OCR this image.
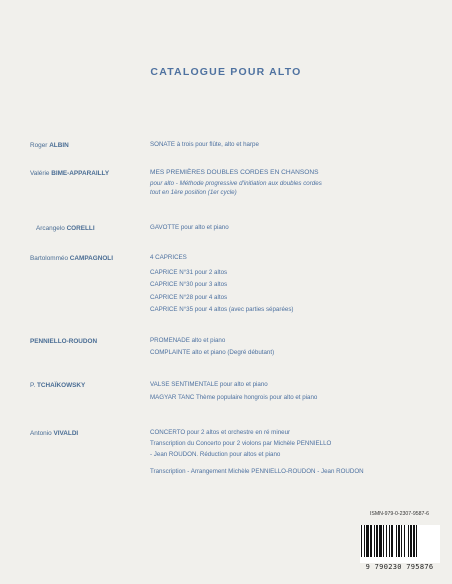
CATALOGUE POUR ALTO
Roger ALBIN	SONATE à trois pour flûte, alto et harpe
Valérie BIME-APPARAILLY	MES PREMIÈRES DOUBLES CORDES EN CHANSONS
pour alto - Méthode progressive d'initiation aux doubles cordes
tout en 1ère position (1er cycle)
Arcangelo CORELLI	GAVOTTE pour alto et piano
Bartolomméo CAMPAGNOLI	4 CAPRICES
CAPRICE N°31 pour 2 altos
CAPRICE N°30 pour 3 altos
CAPRICE N°28 pour 4 altos
CAPRICE N°35 pour 4 altos (avec parties séparées)
PENNIELLO-ROUDON	PROMENADE alto et piano
COMPLAINTE alto et piano (Degré débutant)
P. TCHAÏKOWSKY	VALSE SENTIMENTALE pour alto et piano
MAGYAR TANC Thème populaire hongrois pour alto et piano
Antonio VIVALDI	CONCERTO pour 2 altos et orchestre en ré mineur
Transcription du Concerto pour 2 violons par Michèle PENNIELLO
- Jean ROUDON. Réduction pour altos et piano
Transcription - Arrangement Michèle PENNIELLO-ROUDON - Jean ROUDON
ISMN-979-0-2307-9587-6
9 790230 795876
